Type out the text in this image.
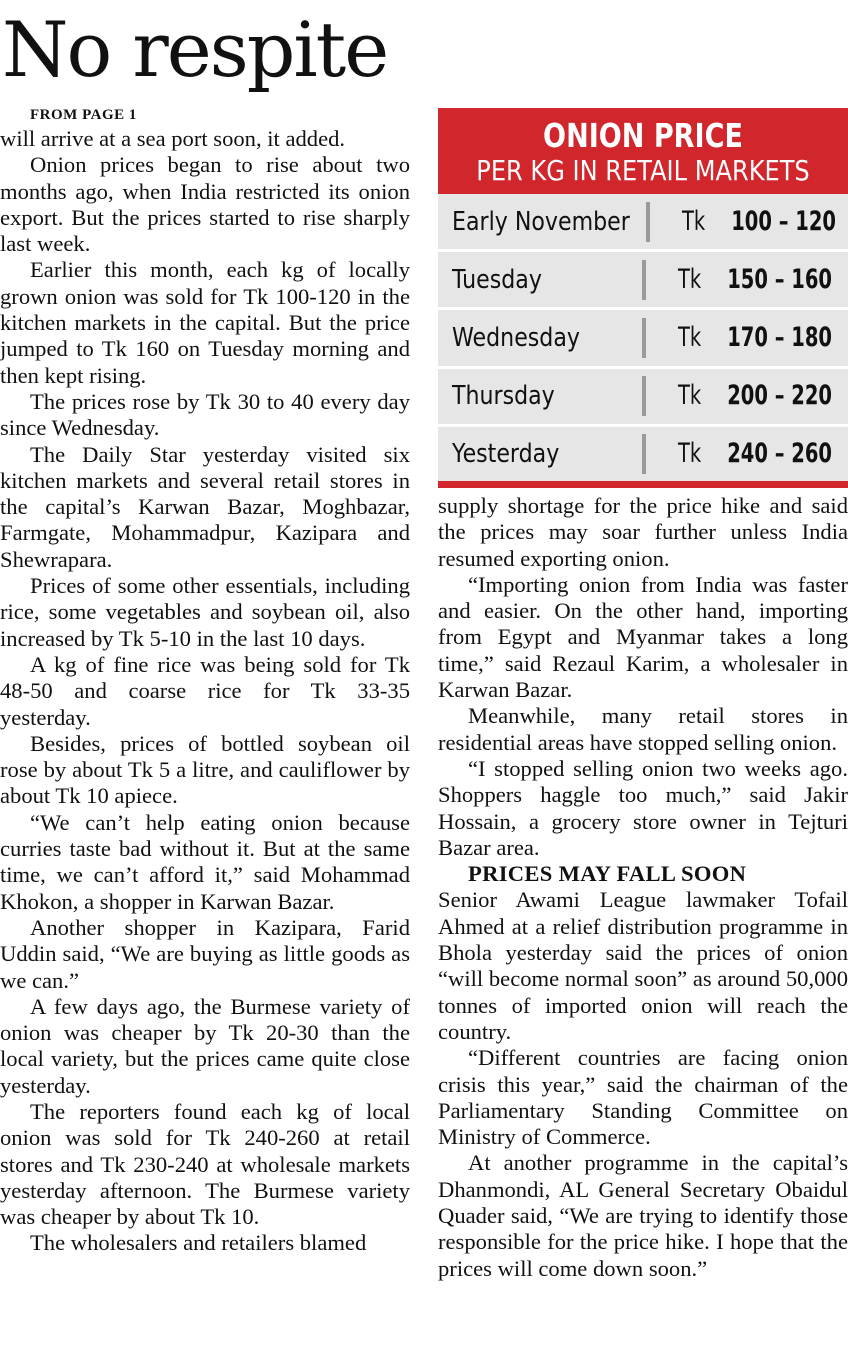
No respite

FROM PAGE 1

will arrive at a sea port soon, it added.

Onion prices began to rise about two months ago, when India restricted its onion export. But the prices started to rise sharply last week.

Earlier this month, each kg of locally grown onion was sold for Tk 100-120 in the kitchen markets in the capital. But the price jumped to Tk 160 on Tuesday morning and then kept rising.

The prices rose by Tk 30 to 40 every day since Wednesday.

The Daily Star yesterday visited six kitchen markets and several retail stores in the capital’s Karwan Bazar, Moghbazar, Farmgate, Mohammadpur, Kazipara and Shewrapara.

Prices of some other essentials, including rice, some vegetables and soybean oil, also increased by Tk 5-10 in the last 10 days.

A kg of fine rice was being sold for Tk 48-50 and coarse rice for Tk 33-35 yesterday.

Besides, prices of bottled soybean oil rose by about Tk 5 a litre, and cauliflower by about Tk 10 apiece.

“We can’t help eating onion because curries taste bad without it. But at the same time, we can’t afford it,” said Mohammad Khokon, a shopper in Karwan Bazar.

Another shopper in Kazipara, Farid Uddin said, “We are buying as little goods as we can.”

A few days ago, the Burmese variety of onion was cheaper by Tk 20-30 than the local variety, but the prices came quite close yesterday.

The reporters found each kg of local onion was sold for Tk 240-260 at retail stores and Tk 230-240 at wholesale markets yesterday afternoon. The Burmese variety was cheaper by about Tk 10.

The wholesalers and retailers blamed

ONION PRICE
PER KG IN RETAIL MARKETS
Early November	Tk 100 – 120
Tuesday	Tk 150 – 160
Wednesday	Tk 170 – 180
Thursday	Tk 200 – 220
Yesterday	Tk 240 – 260

supply shortage for the price hike and said the prices may soar further unless India resumed exporting onion.

“Importing onion from India was faster and easier. On the other hand, importing from Egypt and Myanmar takes a long time,” said Rezaul Karim, a wholesaler in Karwan Bazar.

Meanwhile, many retail stores in residential areas have stopped selling onion.

“I stopped selling onion two weeks ago. Shoppers haggle too much,” said Jakir Hossain, a grocery store owner in Tejturi Bazar area.

PRICES MAY FALL SOON

Senior Awami League lawmaker Tofail Ahmed at a relief distribution programme in Bhola yesterday said the prices of onion “will become normal soon” as around 50,000 tonnes of imported onion will reach the country.

“Different countries are facing onion crisis this year,” said the chairman of the Parliamentary Standing Committee on Ministry of Commerce.

At another programme in the capital’s Dhanmondi, AL General Secretary Obaidul Quader said, “We are trying to identify those responsible for the price hike. I hope that the prices will come down soon.”
